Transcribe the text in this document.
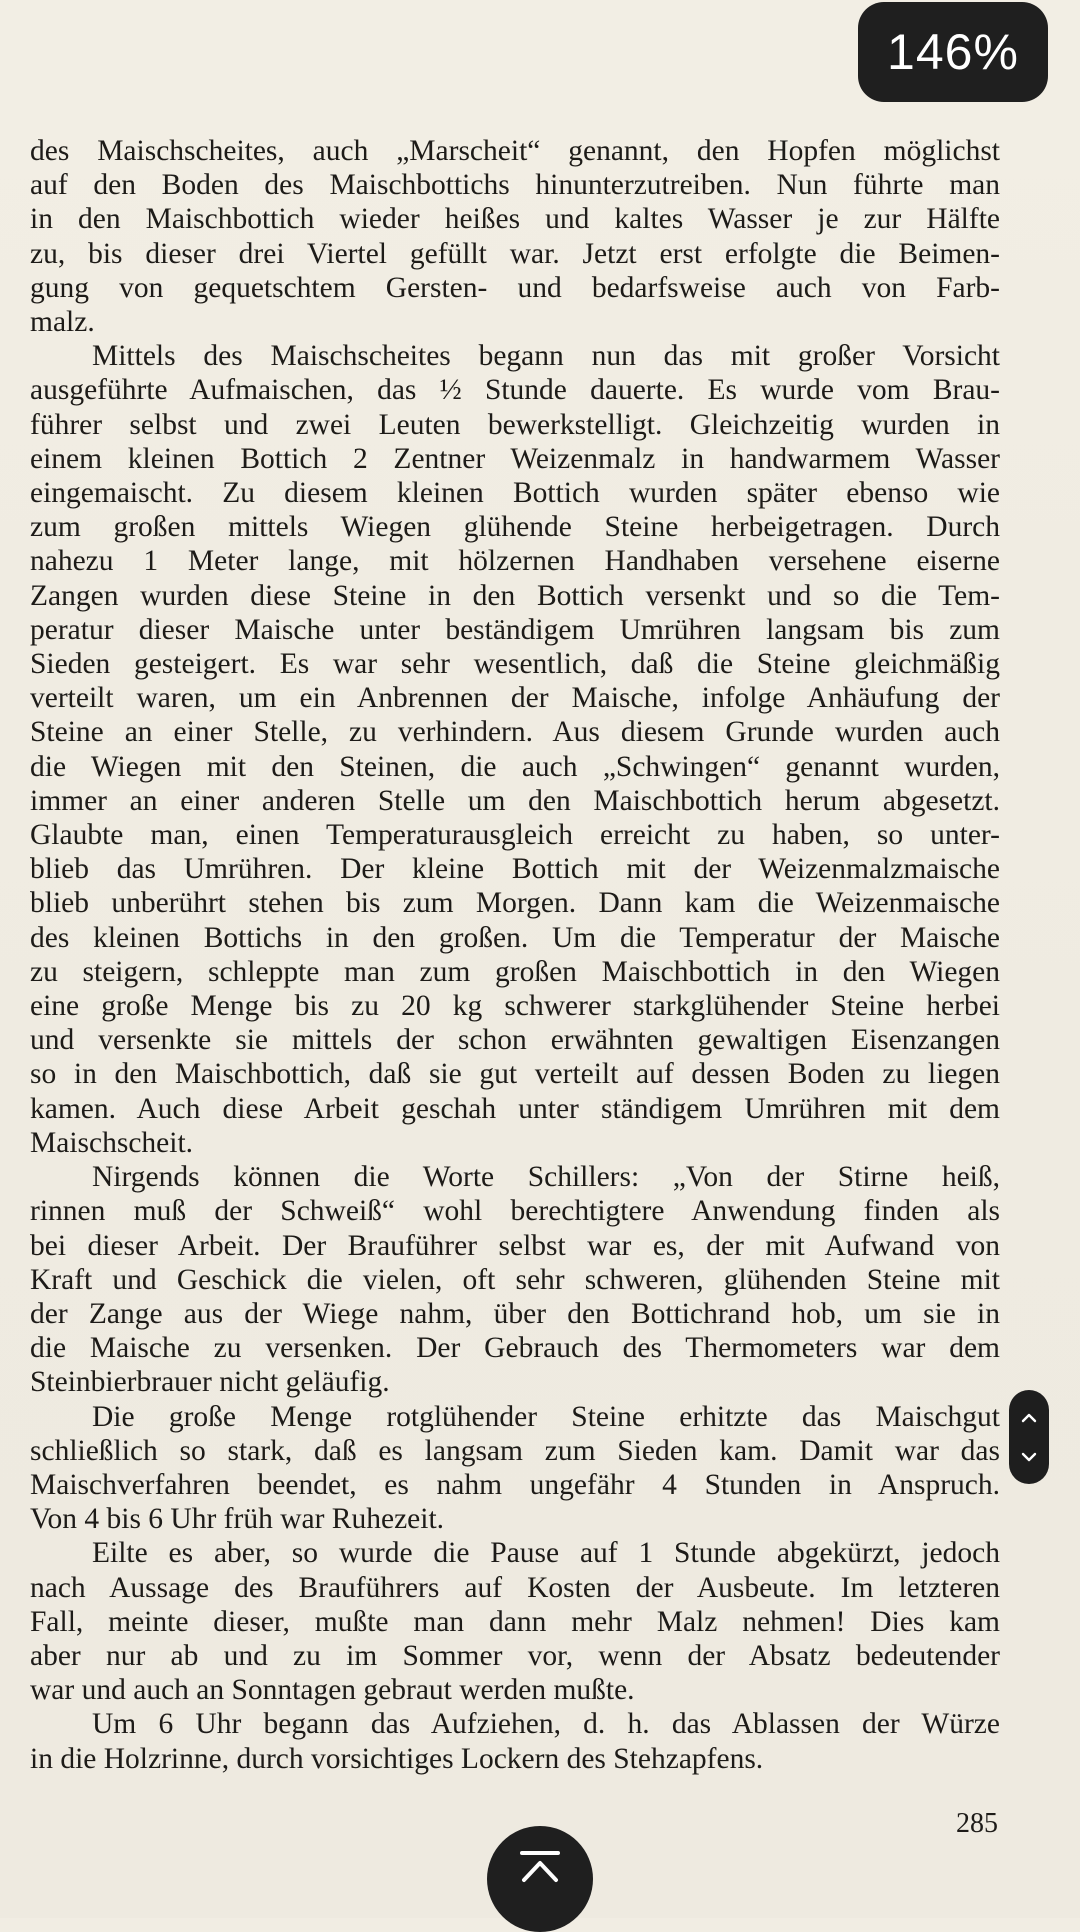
des Maischscheites, auch „Marscheit“ genannt, den Hopfen möglichst
auf den Boden des Maischbottichs hinunterzutreiben. Nun führte man
in den Maischbottich wieder heißes und kaltes Wasser je zur Hälfte
zu, bis dieser drei Viertel gefüllt war. Jetzt erst erfolgte die Beimen-
gung von gequetschtem Gersten- und bedarfsweise auch von Farb-
malz.
Mittels des Maischscheites begann nun das mit großer Vorsicht
ausgeführte Aufmaischen, das ½ Stunde dauerte. Es wurde vom Brau-
führer selbst und zwei Leuten bewerkstelligt. Gleichzeitig wurden in
einem kleinen Bottich 2 Zentner Weizenmalz in handwarmem Wasser
eingemaischt. Zu diesem kleinen Bottich wurden später ebenso wie
zum großen mittels Wiegen glühende Steine herbeigetragen. Durch
nahezu 1 Meter lange, mit hölzernen Handhaben versehene eiserne
Zangen wurden diese Steine in den Bottich versenkt und so die Tem-
peratur dieser Maische unter beständigem Umrühren langsam bis zum
Sieden gesteigert. Es war sehr wesentlich, daß die Steine gleichmäßig
verteilt waren, um ein Anbrennen der Maische, infolge Anhäufung der
Steine an einer Stelle, zu verhindern. Aus diesem Grunde wurden auch
die Wiegen mit den Steinen, die auch „Schwingen“ genannt wurden,
immer an einer anderen Stelle um den Maischbottich herum abgesetzt.
Glaubte man, einen Temperaturausgleich erreicht zu haben, so unter-
blieb das Umrühren. Der kleine Bottich mit der Weizenmalzmaische
blieb unberührt stehen bis zum Morgen. Dann kam die Weizenmaische
des kleinen Bottichs in den großen. Um die Temperatur der Maische
zu steigern, schleppte man zum großen Maischbottich in den Wiegen
eine große Menge bis zu 20 kg schwerer starkglühender Steine herbei
und versenkte sie mittels der schon erwähnten gewaltigen Eisenzangen
so in den Maischbottich, daß sie gut verteilt auf dessen Boden zu liegen
kamen. Auch diese Arbeit geschah unter ständigem Umrühren mit dem
Maischscheit.
Nirgends können die Worte Schillers: „Von der Stirne heiß,
rinnen muß der Schweiß“ wohl berechtigtere Anwendung finden als
bei dieser Arbeit. Der Brauführer selbst war es, der mit Aufwand von
Kraft und Geschick die vielen, oft sehr schweren, glühenden Steine mit
der Zange aus der Wiege nahm, über den Bottichrand hob, um sie in
die Maische zu versenken. Der Gebrauch des Thermometers war dem
Steinbierbrauer nicht geläufig.
Die große Menge rotglühender Steine erhitzte das Maischgut
schließlich so stark, daß es langsam zum Sieden kam. Damit war das
Maischverfahren beendet, es nahm ungefähr 4 Stunden in Anspruch.
Von 4 bis 6 Uhr früh war Ruhezeit.
Eilte es aber, so wurde die Pause auf 1 Stunde abgekürzt, jedoch
nach Aussage des Brauführers auf Kosten der Ausbeute. Im letzteren
Fall, meinte dieser, mußte man dann mehr Malz nehmen! Dies kam
aber nur ab und zu im Sommer vor, wenn der Absatz bedeutender
war und auch an Sonntagen gebraut werden mußte.
Um 6 Uhr begann das Aufziehen, d. h. das Ablassen der Würze
in die Holzrinne, durch vorsichtiges Lockern des Stehzapfens.
285
146%
